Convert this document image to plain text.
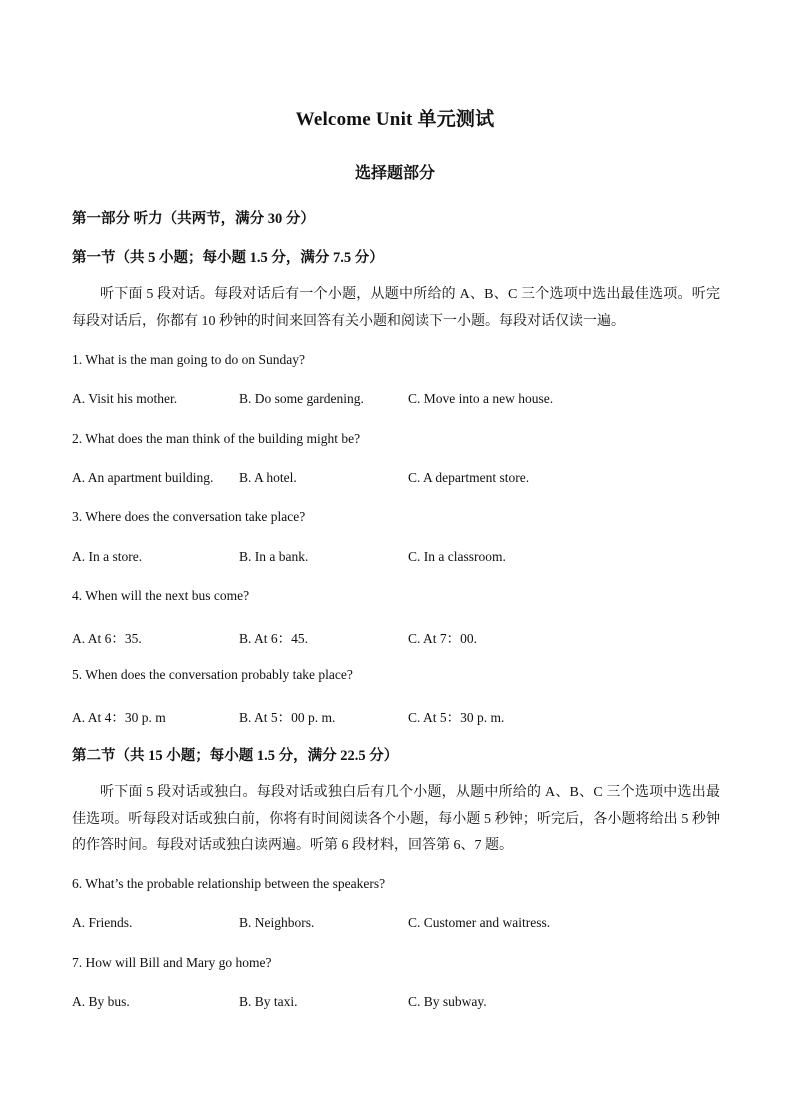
Welcome Unit 单元测试
选择题部分
第一部分 听力（共两节，满分 30 分）
第一节（共 5 小题；每小题 1.5 分，满分 7.5 分）
听下面 5 段对话。每段对话后有一个小题，从题中所给的 A、B、C 三个选项中选出最佳选项。听完每段对话后，你都有 10 秒钟的时间来回答有关小题和阅读下一小题。每段对话仅读一遍。
1. What is the man going to do on Sunday?
A. Visit his mother.	B. Do some gardening.	C. Move into a new house.
2. What does the man think of the building might be?
A. An apartment building. B. A hotel.	C. A department store.
3. Where does the conversation take place?
A. In a store.	B. In a bank.	C. In a classroom.
4. When will the next bus come?
A. At 6：35.	B. At 6：45.	C. At 7：00.
5. When does the conversation probably take place?
A. At 4：30 p. m	B. At 5：00 p. m.	C. At 5：30 p. m.
第二节（共 15 小题；每小题 1.5 分，满分 22.5 分）
听下面 5 段对话或独白。每段对话或独白后有几个小题，从题中所给的 A、B、C 三个选项中选出最佳选项。听每段对话或独白前，你将有时间阅读各个小题，每小题 5 秒钟；听完后，各小题将给出 5 秒钟的作答时间。每段对话或独白读两遍。听第 6 段材料，回答第 6、7 题。
6. What’s the probable relationship between the speakers?
A. Friends.	B. Neighbors.	C. Customer and waitress.
7. How will Bill and Mary go home?
A. By bus.	B. By taxi.	C. By subway.
